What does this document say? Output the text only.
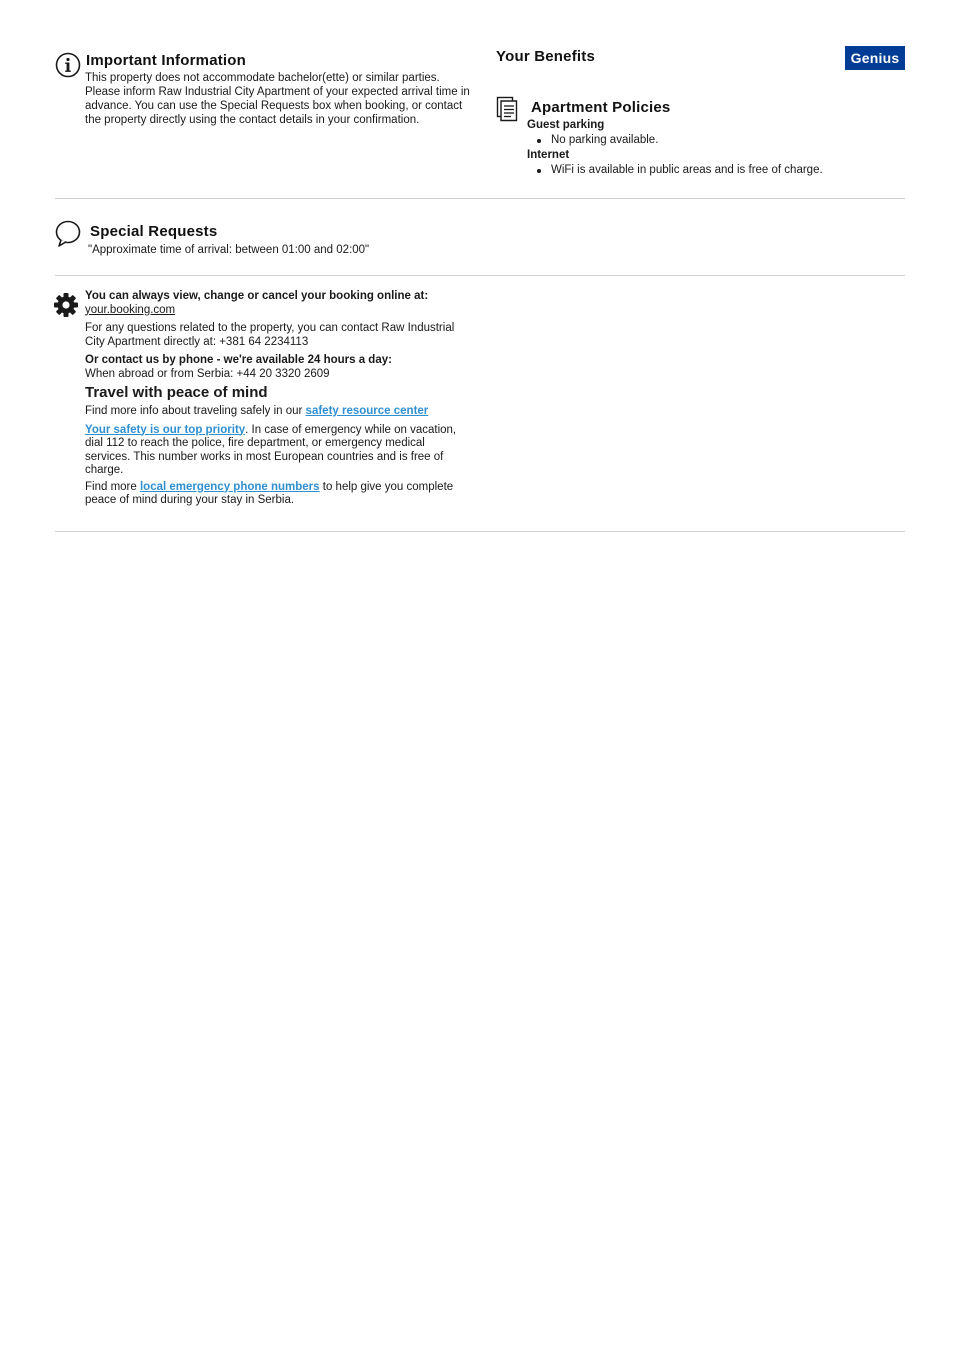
Important Information
This property does not accommodate bachelor(ette) or similar parties. Please inform Raw Industrial City Apartment of your expected arrival time in advance. You can use the Special Requests box when booking, or contact the property directly using the contact details in your confirmation.
Your Benefits	Genius
Apartment Policies
Guest parking
No parking available.
Internet
WiFi is available in public areas and is free of charge.
Special Requests
"Approximate time of arrival: between 01:00 and 02:00"

You can always view, change or cancel your booking online at:

your.booking.com

For any questions related to the property, you can contact Raw Industrial City Apartment directly at: +381 64 2234113

Or contact us by phone - we're available 24 hours a day:

When abroad or from Serbia: +44 20 3320 2609

Travel with peace of mind

Find more info about traveling safely in our safety resource center

Your safety is our top priority. In case of emergency while on vacation, dial 112 to reach the police, fire department, or emergency medical services. This number works in most European countries and is free of charge.

Find more local emergency phone numbers to help give you complete peace of mind during your stay in Serbia.
